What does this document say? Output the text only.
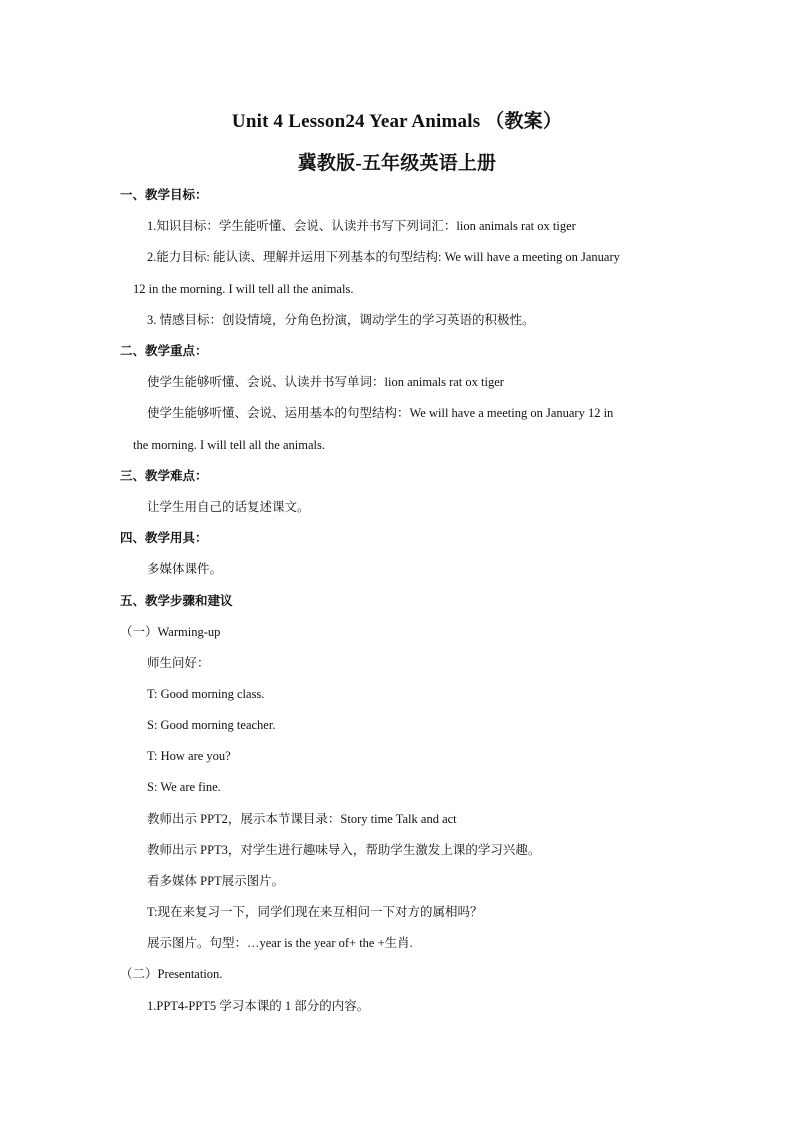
Unit 4 Lesson24 Year Animals （教案）
冀教版-五年级英语上册
一、教学目标：
1.知识目标：学生能听懂、会说、认读并书写下列词汇：lion animals rat ox tiger
2.能力目标: 能认读、理解并运用下列基本的句型结构: We will have a meeting on January
12 in the morning. I will tell all the animals.
3. 情感目标：创设情境，分角色扮演，调动学生的学习英语的积极性。
二、教学重点：
使学生能够听懂、会说、认读并书写单词：lion animals rat ox tiger
使学生能够听懂、会说、运用基本的句型结构：We will have a meeting on January 12 in
the morning. I will tell all the animals.
三、教学难点：
让学生用自己的话复述课文。
四、教学用具：
多媒体课件。
五、教学步骤和建议
（一）Warming-up
师生问好：
T: Good morning class.
S: Good morning teacher.
T: How are you?
S: We are fine.
教师出示 PPT2，展示本节课目录：Story time Talk and act
教师出示 PPT3，对学生进行趣味导入，帮助学生激发上课的学习兴趣。
看多媒体 PPT展示图片。
T:现在来复习一下，同学们现在来互相问一下对方的属相吗？
展示图片。句型：…year is the year of+ the +生肖.
（二）Presentation.
1.PPT4-PPT5 学习本课的 1 部分的内容。
